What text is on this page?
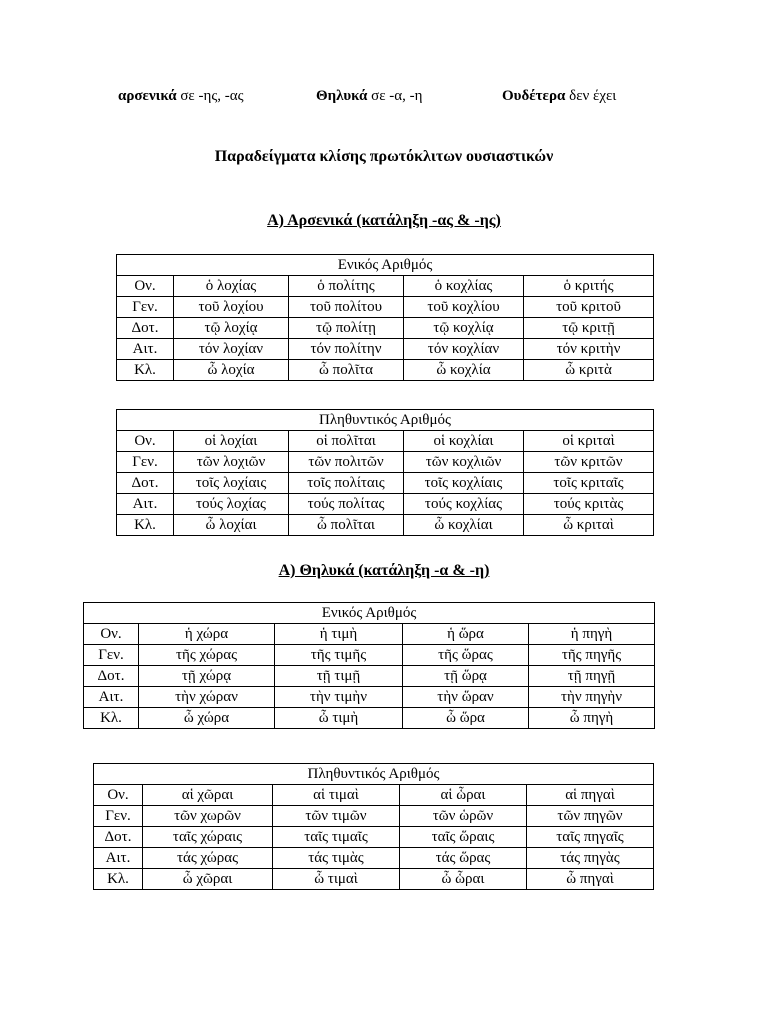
αρσενικά σε -ης, -ας	Θηλυκά σε -α, -η	Ουδέτερα δεν έχει
Παραδείγματα κλίσης πρωτόκλιτων ουσιαστικών
Α) Αρσενικά (κατάληξη -ας & -ης)
Ενικός Αριθμός				
Ον.	ὁ λοχίας	ὁ πολίτης	ὁ κοχλίας	ὁ κριτής
Γεν.	τοῦ λοχίου	τοῦ πολίτου	τοῦ κοχλίου	τοῦ κριτοῦ
Δοτ.	τῷ λοχίᾳ	τῷ πολίτῃ	τῷ κοχλίᾳ	τῷ κριτῇ
Αιτ.	τόν λοχίαν	τόν πολίτην	τόν κοχλίαν	τόν κριτὴν
Κλ.	ὦ λοχία	ὦ πολῖτα	ὦ κοχλία	ὦ κριτὰ
Πληθυντικός Αριθμός				
Ον.	οἱ λοχίαι	οἱ πολῖται	οἱ κοχλίαι	οἱ κριταὶ
Γεν.	τῶν λοχιῶν	τῶν πολιτῶν	τῶν κοχλιῶν	τῶν κριτῶν
Δοτ.	τοῖς λοχίαις	τοῖς πολίταις	τοῖς κοχλίαις	τοῖς κριταῖς
Αιτ.	τούς λοχίας	τούς πολίτας	τούς κοχλίας	τούς κριτὰς
Κλ.	ὦ λοχίαι	ὦ πολῖται	ὦ κοχλίαι	ὦ κριταὶ
Α) Θηλυκά (κατάληξη -α & -η)
Ενικός Αριθμός				
Ον.	ἡ χώρα	ἡ τιμὴ	ἡ ὥρα	ἡ πηγὴ
Γεν.	τῆς χώρας	τῆς τιμῆς	τῆς ὥρας	τῆς πηγῆς
Δοτ.	τῇ χώρᾳ	τῇ τιμῇ	τῇ ὥρᾳ	τῇ πηγῇ
Αιτ.	τὴν χώραν	τὴν τιμὴν	τὴν ὥραν	τὴν πηγὴν
Κλ.	ὦ χώρα	ὦ τιμὴ	ὦ ὥρα	ὦ πηγὴ
Πληθυντικός Αριθμός				
Ον.	αἱ χῶραι	αἱ τιμαὶ	αἱ ὧραι	αἱ πηγαὶ
Γεν.	τῶν χωρῶν	τῶν τιμῶν	τῶν ὡρῶν	τῶν πηγῶν
Δοτ.	ταῖς χώραις	ταῖς τιμαῖς	ταῖς ὥραις	ταῖς πηγαῖς
Αιτ.	τάς χώρας	τάς τιμὰς	τάς ὥρας	τάς πηγὰς
Κλ.	ὦ χῶραι	ὦ τιμαὶ	ὦ ὧραι	ὦ πηγαὶ
